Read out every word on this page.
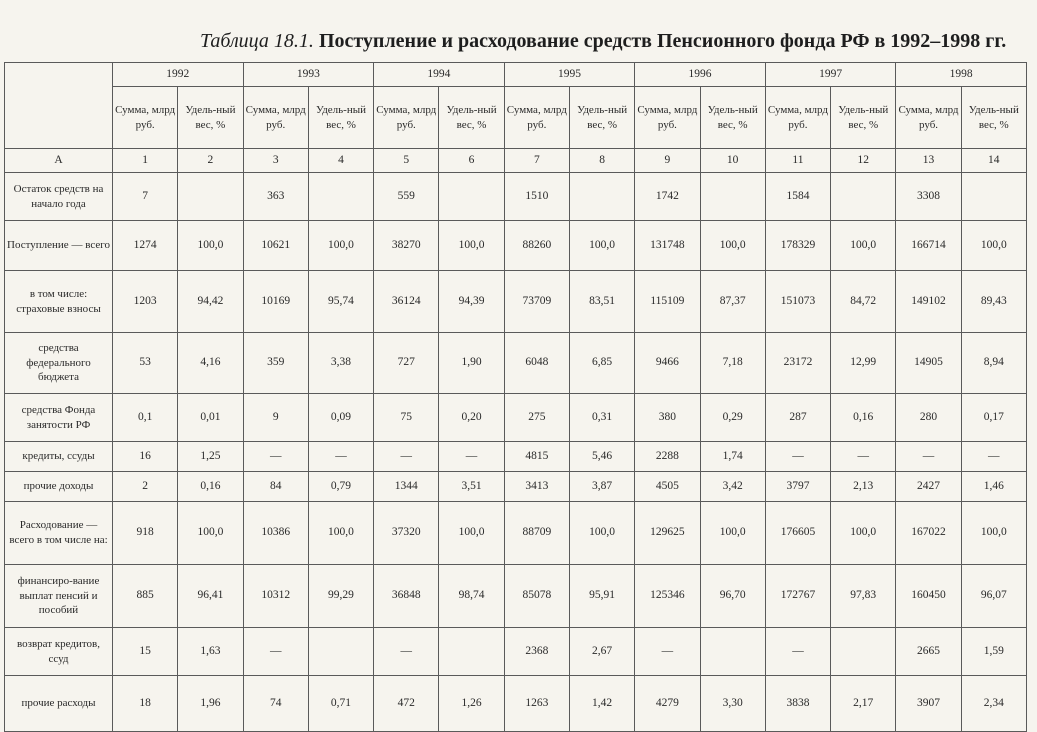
Таблица 18.1. Поступление и расходование средств Пенсионного фонда РФ в 1992–1998 гг.
	1992		1993		1994		1995		1996		1997		1998	
	Сумма, млрд руб.	Удель-ный вес, %	Сумма, млрд руб.	Удель-ный вес, %	Сумма, млрд руб.	Удель-ный вес, %	Сумма, млрд руб.	Удель-ный вес, %	Сумма, млрд руб.	Удель-ный вес, %	Сумма, млрд руб.	Удель-ный вес, %	Сумма, млрд руб.	Удель-ный вес, %
А	1	2	3	4	5	6	7	8	9	10	11	12	13	14
Остаток средств на начало года	7		363		559		1510		1742		1584		3308	
Поступление — всего	1274	100,0	10621	100,0	38270	100,0	88260	100,0	131748	100,0	178329	100,0	166714	100,0
в том числе: страховые взносы	1203	94,42	10169	95,74	36124	94,39	73709	83,51	115109	87,37	151073	84,72	149102	89,43
средства федерального бюджета	53	4,16	359	3,38	727	1,90	6048	6,85	9466	7,18	23172	12,99	14905	8,94
средства Фонда занятости РФ	0,1	0,01	9	0,09	75	0,20	275	0,31	380	0,29	287	0,16	280	0,17
кредиты, ссуды	16	1,25	—	—	—	—	4815	5,46	2288	1,74	—	—	—	—
прочие доходы	2	0,16	84	0,79	1344	3,51	3413	3,87	4505	3,42	3797	2,13	2427	1,46
Расходование — всего в том числе на:	918	100,0	10386	100,0	37320	100,0	88709	100,0	129625	100,0	176605	100,0	167022	100,0
финансиро-вание выплат пенсий и пособий	885	96,41	10312	99,29	36848	98,74	85078	95,91	125346	96,70	172767	97,83	160450	96,07
возврат кредитов, ссуд	15	1,63	—		—		2368	2,67	—		—		2665	1,59
прочие расходы	18	1,96	74	0,71	472	1,26	1263	1,42	4279	3,30	3838	2,17	3907	2,34
